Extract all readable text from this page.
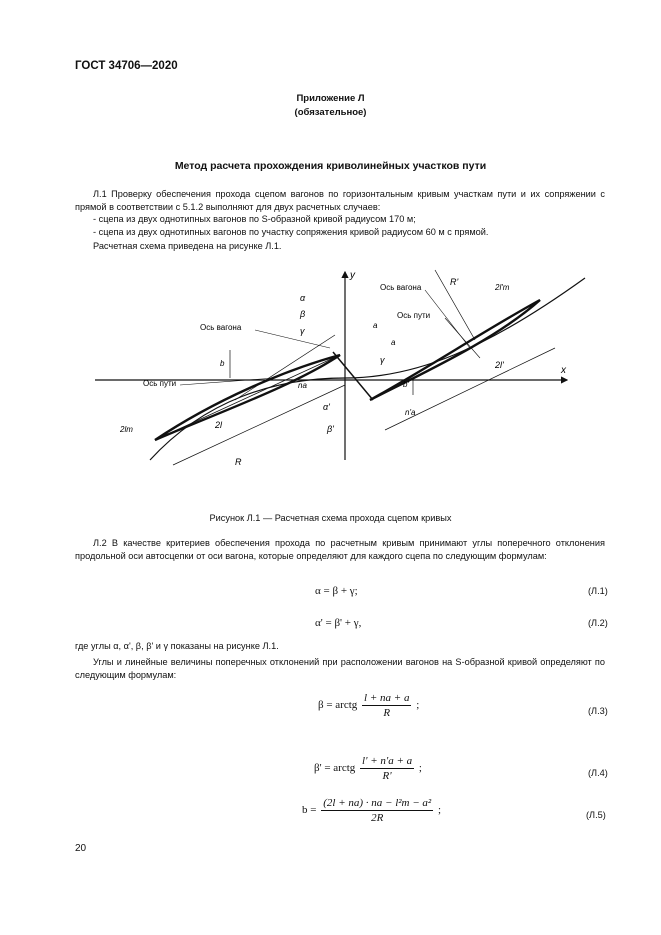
ГОСТ 34706—2020
Приложение Л
(обязательное)
Метод расчета прохождения криволинейных участков пути
Л.1 Проверку обеспечения прохода сцепом вагонов по горизонтальным кривым участкам пути и их сопряжении с прямой в соответствии с 5.1.2 выполняют для двух расчетных случаев:
- сцепа из двух однотипных вагонов по S-образной кривой радиусом 170 м;
- сцепа из двух однотипных вагонов по участку сопряжения кривой радиусом 60 м с прямой.
Расчетная схема приведена на рисунке Л.1.
x
y
α
β
γ
γ
α'
β'
Ось вагона
Ось пути
Ось вагона
Ось пути
R
R'
2l
2l'
2lт
2l'т
nа
n'а
b
b'
a
a
Рисунок Л.1 — Расчетная схема прохода сцепом кривых
Л.2 В качестве критериев обеспечения прохода по расчетным кривым принимают углы поперечного отклонения продольной оси автосцепки от оси вагона, которые определяют для каждого сцепа по следующим формулам:
α = β + γ;	(Л.1)
α' = β' + γ,	(Л.2)
где углы α, α', β, β' и γ показаны на рисунке Л.1.
Углы и линейные величины поперечных отклонений при расположении вагонов на S-образной кривой определяют по следующим формулам:
β = arctg $\frac{l + nа + a}{R}$ ;	(Л.3)
β' = arctg $\frac{l' + n'а + a}{R'}$ ;	(Л.4)
$b = \frac{\text{(2l + nа) · nа − l²т − a²}}{2R}$ ;	(Л.5)
20
